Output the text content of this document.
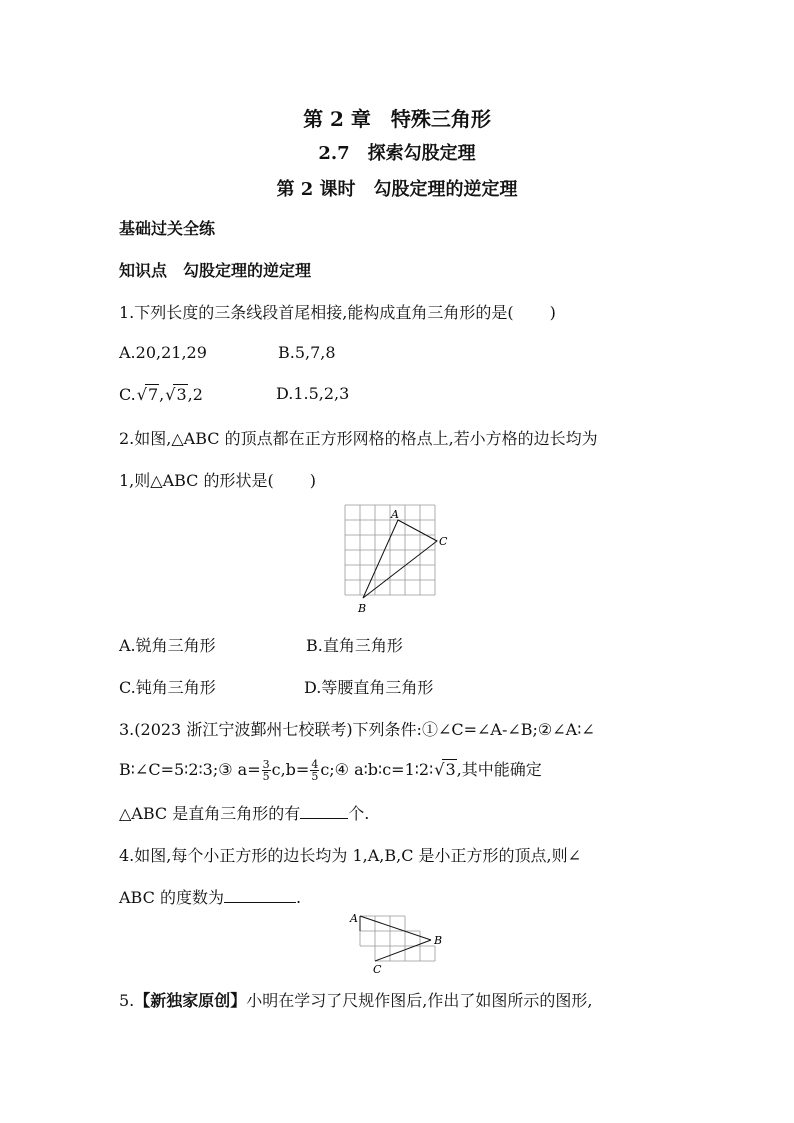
第 2 章　特殊三角形
2.7　探索勾股定理
第 2 课时　勾股定理的逆定理
基础过关全练
知识点　勾股定理的逆定理
1.下列长度的三条线段首尾相接,能构成直角三角形的是( )
A.20,21,29	B.5,7,8
C. √ 7, √ 3,2	D.1.5,2,3
2.如图,△ABC 的顶点都在正方形网格的格点上,若小方格的边长均为
1,则△ABC 的形状是( )
A
B
C
A.锐角三角形	B.直角三角形
C.钝角三角形	D.等腰直角三角形
3.(2023 浙江宁波鄞州七校联考)下列条件:①∠C=∠A-∠B;②∠A∶∠
B∶∠C=5∶2∶3;③ $a= \frac{3}{5} c,b= \frac{4}{5}$ c;④ a∶b∶c=1∶2∶ √ 3,其中能确定
△ABC 是直角三角形的有	个.
4.如图,每个小正方形的边长均为 1,A,B,C 是小正方形的顶点,则∠
ABC 的度数为	.
A
B
C
5.【新独家原创】小明在学习了尺规作图后,作出了如图所示的图形,
